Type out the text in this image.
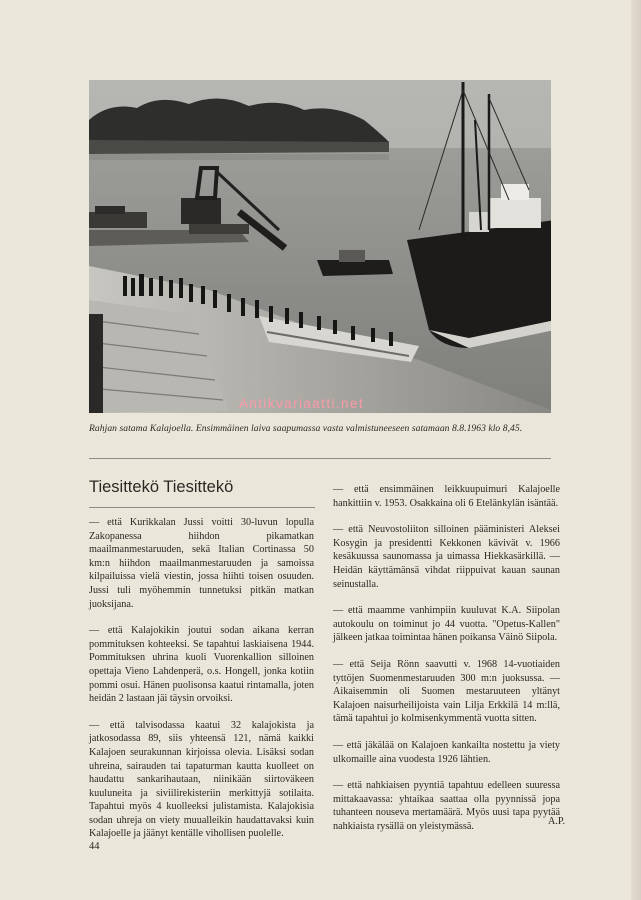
Antikvariaatti.net
Rahjan satama Kalajoella. Ensimmäinen laiva saapumassa vasta valmistuneeseen satamaan 8.8.1963 klo 8,45.
Tiesittekö Tiesittekö

— että Kurikkalan Jussi voitti 30-luvun lopulla Zakopanessa hiihdon pikamatkan maailmanmestaruuden, sekä Italian Cortinassa 50 km:n hiihdon maailmanmestaruuden ja samoissa kilpailuissa vielä viestin, jossa hiihti toisen osuuden. Jussi tuli myöhemmin tunnetuksi pitkän matkan juoksijana.

— että Kalajokikin joutui sodan aikana kerran pommituksen kohteeksi. Se tapahtui laskiaisena 1944. Pommituksen uhrina kuoli Vuorenkallion silloinen opettaja Vieno Lahdenperä, o.s. Hongell, jonka kotiin pommi osui. Hänen puolisonsa kaatui rintamalla, joten heidän 2 lastaan jäi täysin orvoiksi.

— että talvisodassa kaatui 32 kalajokista ja jatkosodassa 89, siis yhteensä 121, nämä kaikki Kalajoen seurakunnan kirjoissa olevia. Lisäksi sodan uhreina, sairauden tai tapaturman kautta kuolleet on haudattu sankarihautaan, niinikään siirtoväkeen kuuluneita ja siviilirekisteriin merkittyjä sotilaita. Tapahtui myös 4 kuolleeksi julistamista. Kalajokisia sodan uhreja on viety muualleikin haudattavaksi kuin Kalajoelle ja jäänyt kentälle vihollisen puolelle.

— että ensimmäinen leikkuupuimuri Kalajoelle hankittiin v. 1953. Osakkaina oli 6 Etelänkylän isäntää.

— että Neuvostoliiton silloinen pääministeri Aleksei Kosygin ja presidentti Kekkonen kävivät v. 1966 kesäkuussa saunomassa ja uimassa Hiekkasärkillä. — Heidän käyttämänsä vihdat riippuivat kauan saunan seinustalla.

— että maamme vanhimpiin kuuluvat K.A. Siipolan autokoulu on toiminut jo 44 vuotta. "Opetus-Kallen" jälkeen jatkaa toimintaa hänen poikansa Väinö Siipola.

— että Seija Rönn saavutti v. 1968 14-vuotiaiden tyttöjen Suomenmestaruuden 300 m:n juoksussa. — Aikaisemmin oli Suomen mestaruuteen yltänyt Kalajoen naisurheilijoista vain Lilja Erkkilä 14 m:llä, tämä tapahtui jo kolmisenkymmentä vuotta sitten.

— että jäkälää on Kalajoen kankailta nostettu ja viety ulkomaille aina vuodesta 1926 lähtien.

— että nahkiaisen pyyntiä tapahtuu edelleen suuressa mittakaavassa: yhtaikaa saattaa olla pyynnissä jopa tuhanteen nouseva mertamäärä. Myös uusi tapa pyytää nahkiaista rysällä on yleistymässä.	A.P.
44
